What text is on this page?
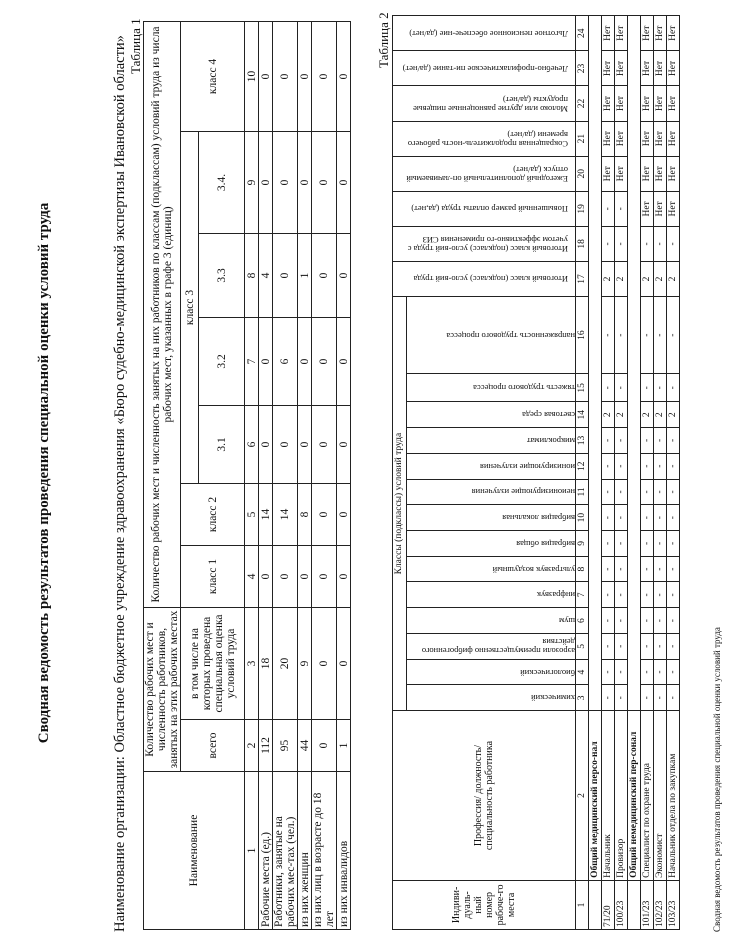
Сводная ведомость результатов проведения специальной оценки условий труда	Наименование организации: Областное бюджетное учреждение здравоохранения «Бюро судебно-медицинской экспертизы Ивановской области» Таблица 1
Наименование	Количество рабочих мест и численность работников, занятых на этих рабочих местах		Количество рабочих мест и численность занятых на них работников по классам (подклассам) условий труда из числа рабочих мест, указанных в графе 3 (единиц)						
	всего	в том числе на которых проведена специальная оценка условий труда	класс 1	класс 2	класс 3				класс 4
					3.1	3.2	3.3	3.4.	
1	2	3	4	5	6	7	8	9	10
Рабочие места (ед.)	112	18	0	14	0	0	4	0	0
Работники, занятые на рабочих мес-тах (чел.)	95	20	0	14	0	6	0	0	0
из них женщин	44	9	0	8	0	0	1	0	0
из них лиц в возрасте до 18 лет	0	0	0	0	0	0	0	0	0
из них инвалидов	1	0	0	0	0	0	0	0	0
Таблица 2
Индиви-дуаль-ный номер рабоче-го места	Профессия/ должность/ специальность работника	Классы (подклассы) условий труда														Итоговый класс (подкласс) усло-вий труда	Итоговый класс (подкласс) усло-вий труда с учетом эффективно-го применения СИЗ	Повышенный размер оплаты труда (да,нет)	Ежегодный дополнительный оп-лачиваемый отпуск (да/нет)	Сокращенная продолжитель-ность рабочего времени (да/нет)	Молоко или другие равноценные пищевые продукты (да/нет)	Лечебно-профилактическое пи-тание (да/нет)	Льготное пенсионное обеспече-ние (да/нет)

		химический	биологический	аэрозоли преимущественно фиброгенного действия	шум	инфразвук	ультразвук воздушный	вибрация общая	вибрация локальная	неионизирующие излучения	ионизирующие излучения	микроклимат	световая среда	тяжесть трудового процесса	напряженность трудового процесса								

1	2	3	4	5	6	7	8	9	10	11	12	13	14	15	16	17	18	19	20	21	22	23	24
	Общий медицинский персо-нал																						
71/20	Начальник	-	-	-	-	-	-	-	-	-	-	-	2	-	-	2	-	-	Нет	Нет	Нет	Нет	Нет
100/23	Провизор	-	-	-	-	-	-	-	-	-	-	-	2	-	-	2	-	-	Нет	Нет	Нет	Нет	Нет
	Общий немедицинский пер-сонал																						
101/23	Специалист по охране труда	-	-	-	-	-	-	-	-	-	-	-	2	-	-	2	-	Нет	Нет	Нет	Нет	Нет	Нет
102/23	Экономист	-	-	-	-	-	-	-	-	-	-	-	2	-	-	2	-	Нет	Нет	Нет	Нет	Нет	Нет
103/23	Начальник отдела по закупкам	-	-	-	-	-	-	-	-	-	-	-	2	-	-	2	-	Нет	Нет	Нет	Нет	Нет	Нет
Сводная ведомость результатов проведения специальной оценки условий труда
